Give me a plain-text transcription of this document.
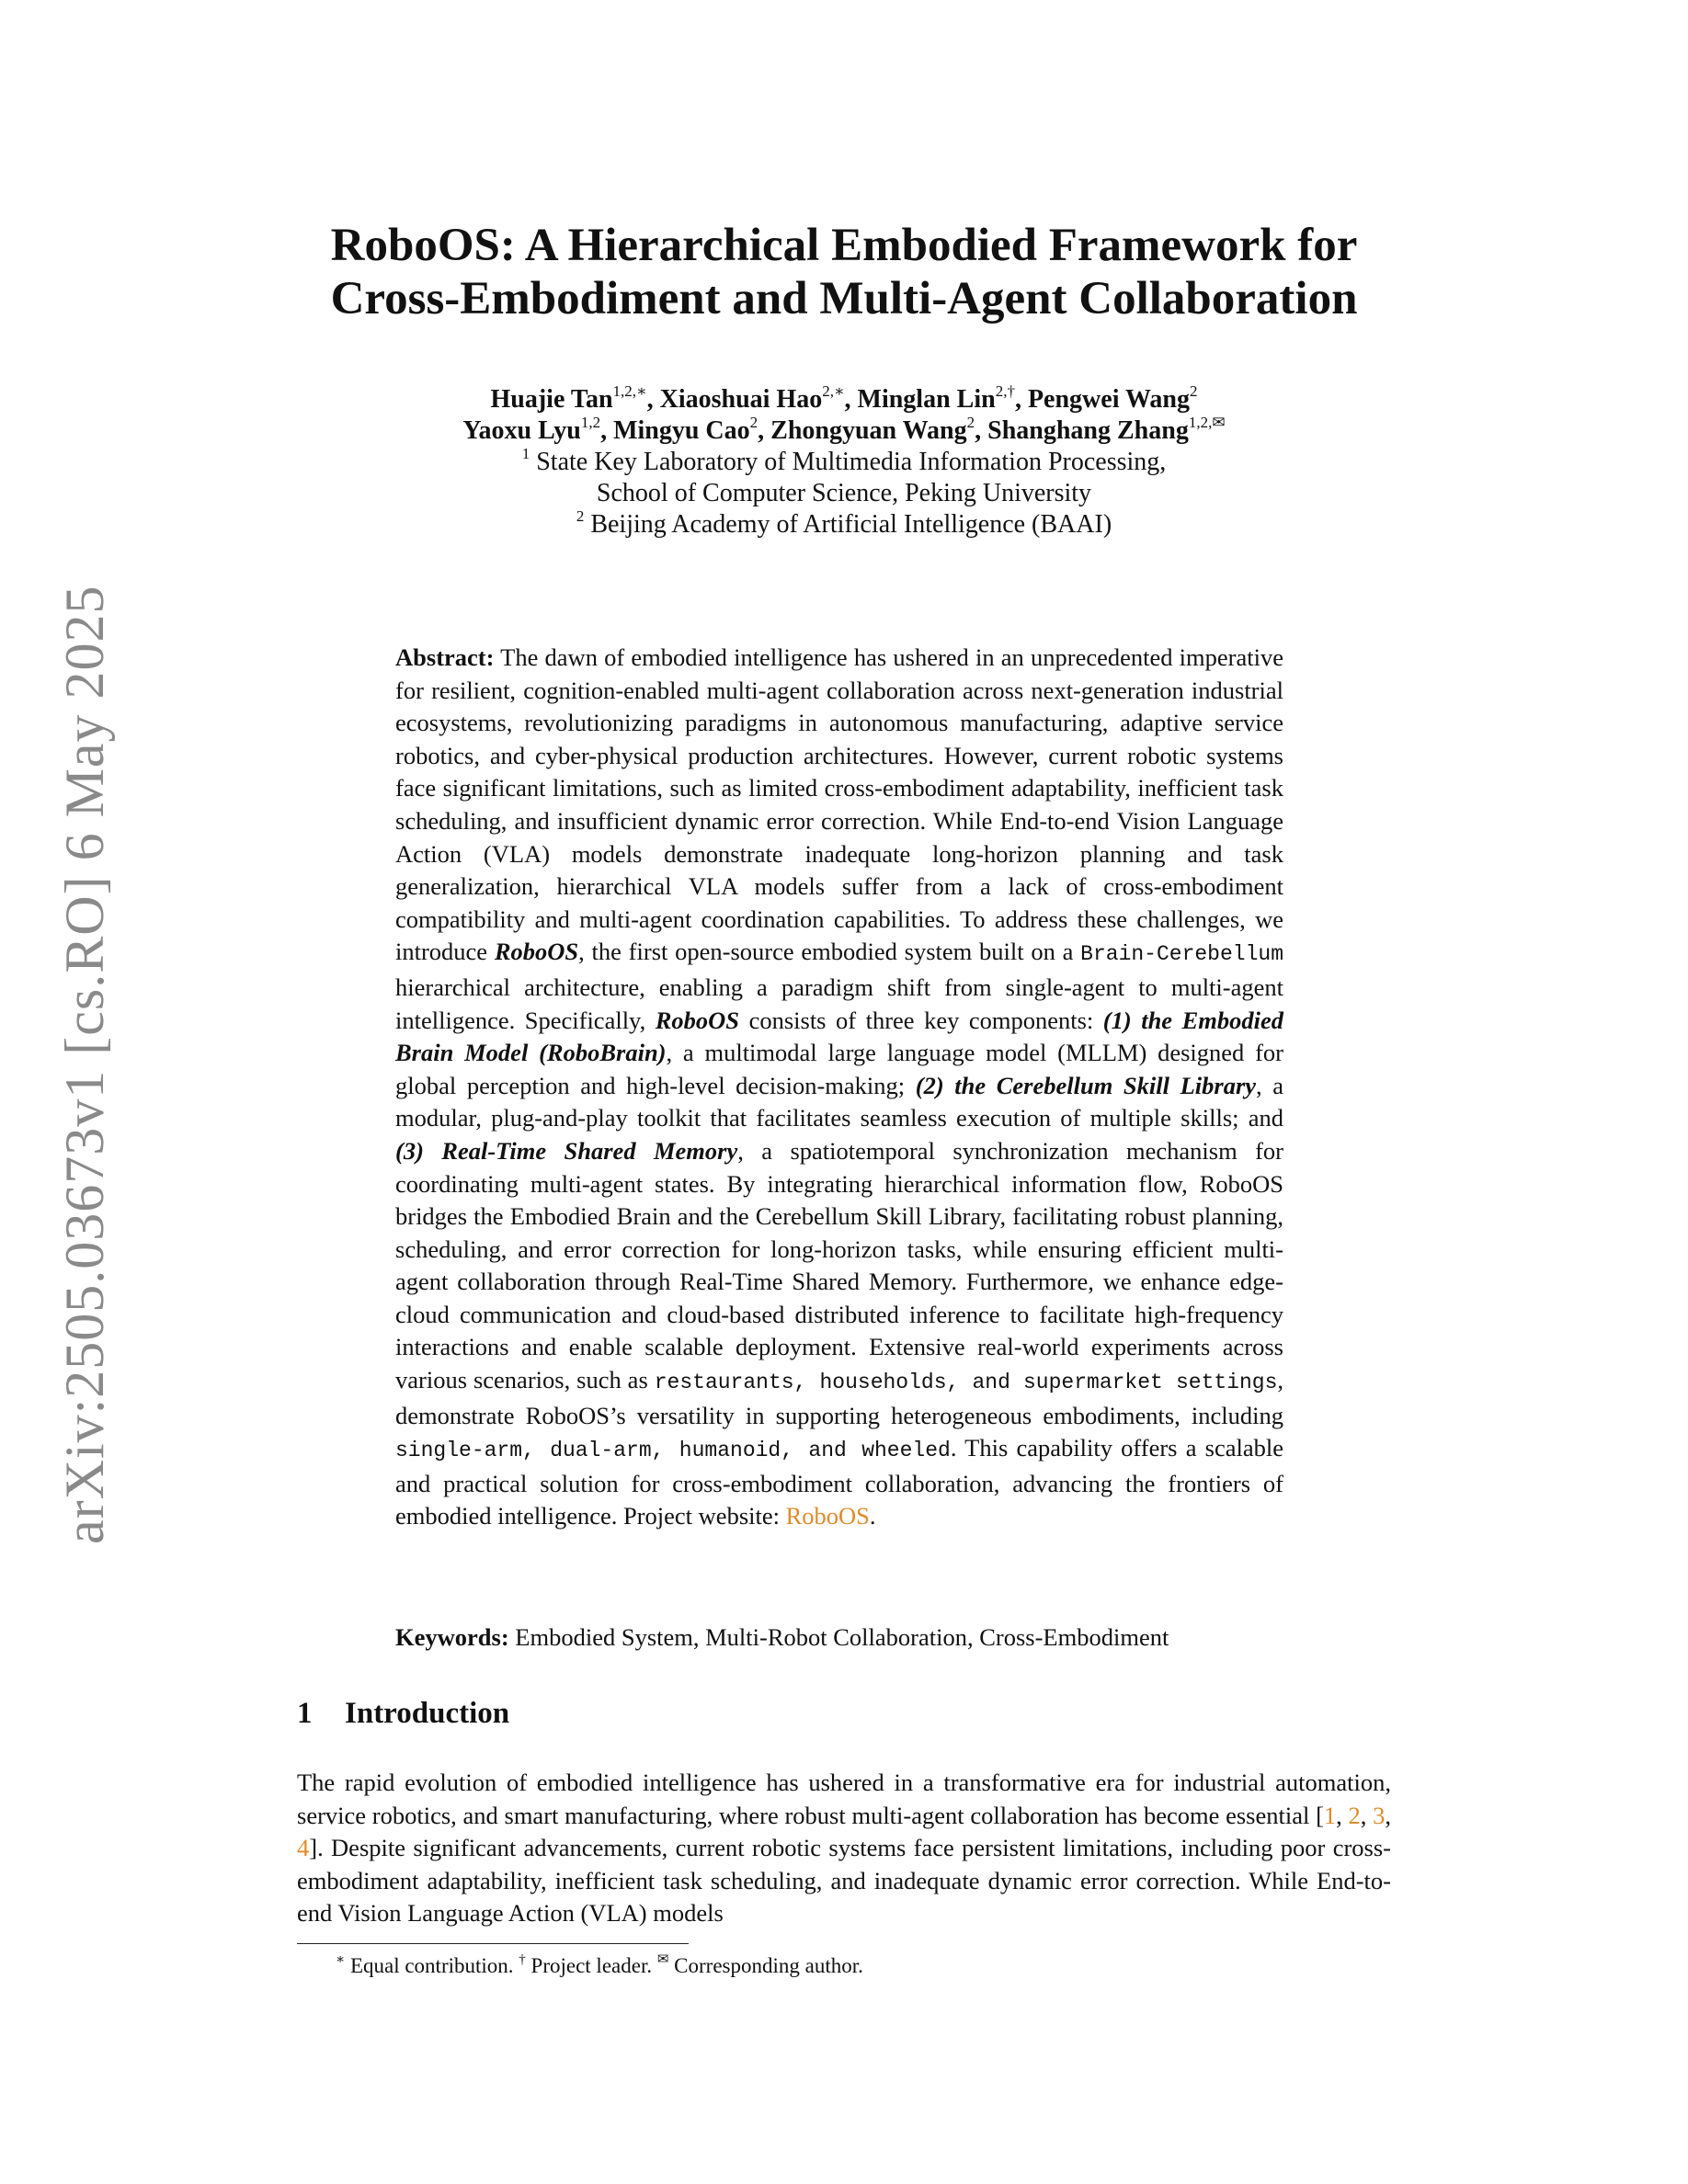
arXiv:2505.03673v1 [cs.RO] 6 May 2025
RoboOS: A Hierarchical Embodied Framework for
Cross-Embodiment and Multi-Agent Collaboration
Huajie Tan$^{1,2,∗}$, Xiaoshuai Hao$^{2,∗}$, Minglan Lin$^{2,\dagger}$, Pengwei Wang$^2$
Yaoxu Lyu$^{1,2}$, Mingyu Cao$^2$, Zhongyuan Wang$^2$, Shanghang Zhang$^{1,2,✉}$
$^1$ State Key Laboratory of Multimedia Information Processing,
School of Computer Science, Peking University
$^2$ Beijing Academy of Artificial Intelligence (BAAI)

Abstract: The dawn of embodied intelligence has ushered in an unprecedented imperative for resilient, cognition-enabled multi-agent collaboration across next-generation industrial ecosystems, revolutionizing paradigms in autonomous manufacturing, adaptive service robotics, and cyber-physical production architectures. However, current robotic systems face significant limitations, such as limited cross-embodiment adaptability, inefficient task scheduling, and insufficient dynamic error correction. While End-to-end Vision Language Action (VLA) models demonstrate inadequate long-horizon planning and task generalization, hierarchical VLA models suffer from a lack of cross-embodiment compatibility and multi-agent coordination capabilities. To address these challenges, we introduce RoboOS, the first open-source embodied system built on a Brain-Cerebellum hierarchical architecture, enabling a paradigm shift from single-agent to multi-agent intelligence. Specifically, RoboOS consists of three key components: (1) the Embodied Brain Model (RoboBrain), a multimodal large language model (MLLM) designed for global perception and high-level decision-making; (2) the Cerebellum Skill Library, a modular, plug-and-play toolkit that facilitates seamless execution of multiple skills; and (3) Real-Time Shared Memory, a spatiotemporal synchronization mechanism for coordinating multi-agent states. By integrating hierarchical information flow, RoboOS bridges the Embodied Brain and the Cerebellum Skill Library, facilitating robust planning, scheduling, and error correction for long-horizon tasks, while ensuring efficient multi-agent collaboration through Real-Time Shared Memory. Furthermore, we enhance edge-cloud communication and cloud-based distributed inference to facilitate high-frequency interactions and enable scalable deployment. Extensive real-world experiments across various scenarios, such as restaurants, households, and supermarket settings, demonstrate RoboOS’s versatility in supporting heterogeneous embodiments, including single-arm, dual-arm, humanoid, and wheeled. This capability offers a scalable and practical solution for cross-embodiment collaboration, advancing the frontiers of embodied intelligence. Project website: RoboOS.

Keywords: Embodied System, Multi-Robot Collaboration, Cross-Embodiment
1 Introduction

The rapid evolution of embodied intelligence has ushered in a transformative era for industrial automation, service robotics, and smart manufacturing, where robust multi-agent collaboration has become essential [1, 2, 3, 4]. Despite significant advancements, current robotic systems face persistent limitations, including poor cross-embodiment adaptability, inefficient task scheduling, and inadequate dynamic error correction. While End-to-end Vision Language Action (VLA) models

∗ Equal contribution. † Project leader. ✉ Corresponding author.
